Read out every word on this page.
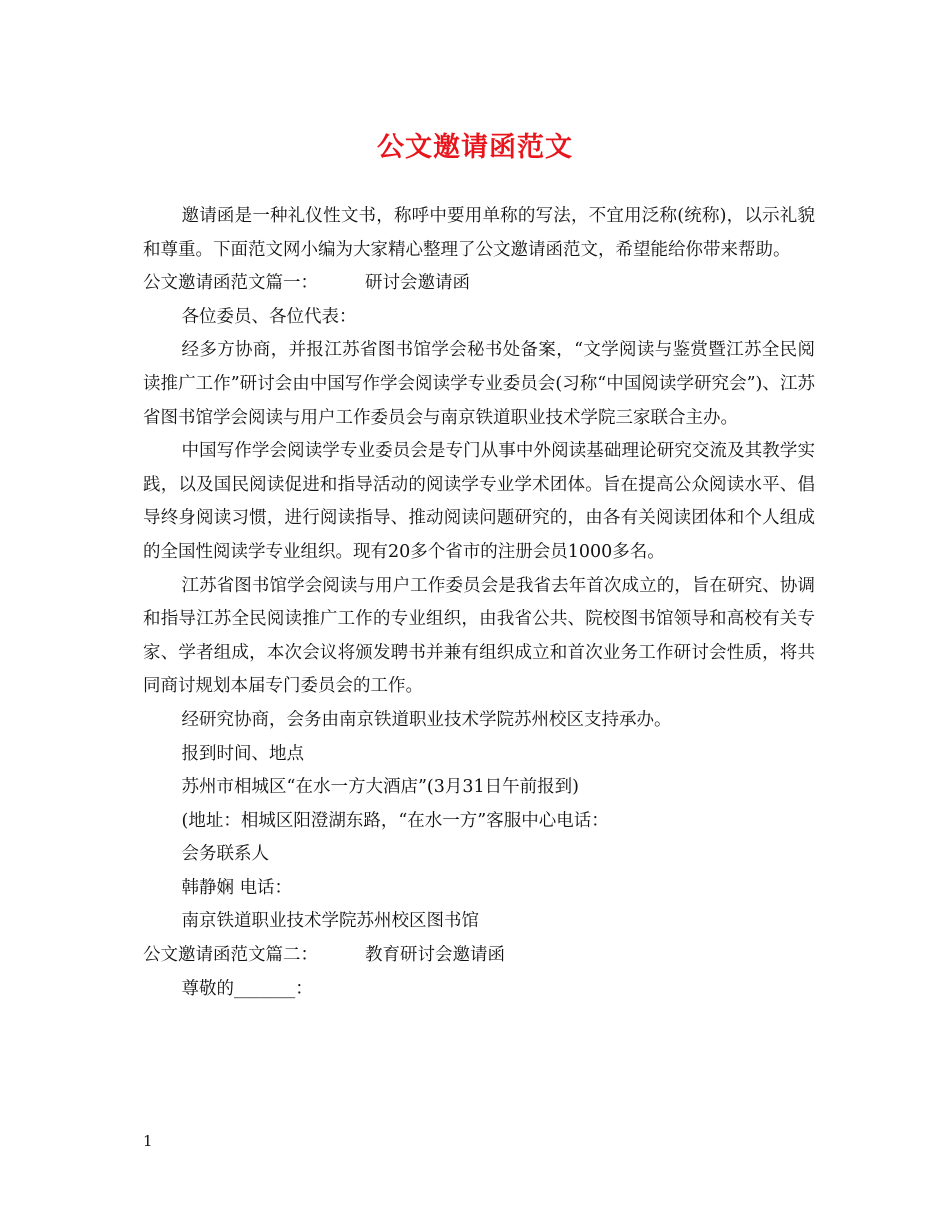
公文邀请函范文

邀请函是一种礼仪性文书，称呼中要用单称的写法，不宜用泛称(统称)，以示礼貌和尊重。下面范文网小编为大家精心整理了公文邀请函范文，希望能给你带来帮助。

公文邀请函范文篇一：	研讨会邀请函

各位委员、各位代表：

经多方协商，并报江苏省图书馆学会秘书处备案，“文学阅读与鉴赏暨江苏全民阅读推广工作”研讨会由中国写作学会阅读学专业委员会(习称“中国阅读学研究会”)、江苏省图书馆学会阅读与用户工作委员会与南京铁道职业技术学院三家联合主办。

中国写作学会阅读学专业委员会是专门从事中外阅读基础理论研究交流及其教学实践，以及国民阅读促进和指导活动的阅读学专业学术团体。旨在提高公众阅读水平、倡导终身阅读习惯，进行阅读指导、推动阅读问题研究的，由各有关阅读团体和个人组成的全国性阅读学专业组织。现有20多个省市的注册会员1000多名。

江苏省图书馆学会阅读与用户工作委员会是我省去年首次成立的，旨在研究、协调和指导江苏全民阅读推广工作的专业组织，由我省公共、院校图书馆领导和高校有关专家、学者组成，本次会议将颁发聘书并兼有组织成立和首次业务工作研讨会性质，将共同商讨规划本届专门委员会的工作。

经研究协商，会务由南京铁道职业技术学院苏州校区支持承办。

报到时间、地点

苏州市相城区“在水一方大酒店”(3月31日午前报到)

(地址：相城区阳澄湖东路，“在水一方”客服中心电话：

会务联系人

韩静娴 电话：

南京铁道职业技术学院苏州校区图书馆

公文邀请函范文篇二：	教育研讨会邀请函

尊敬的_______：

1
